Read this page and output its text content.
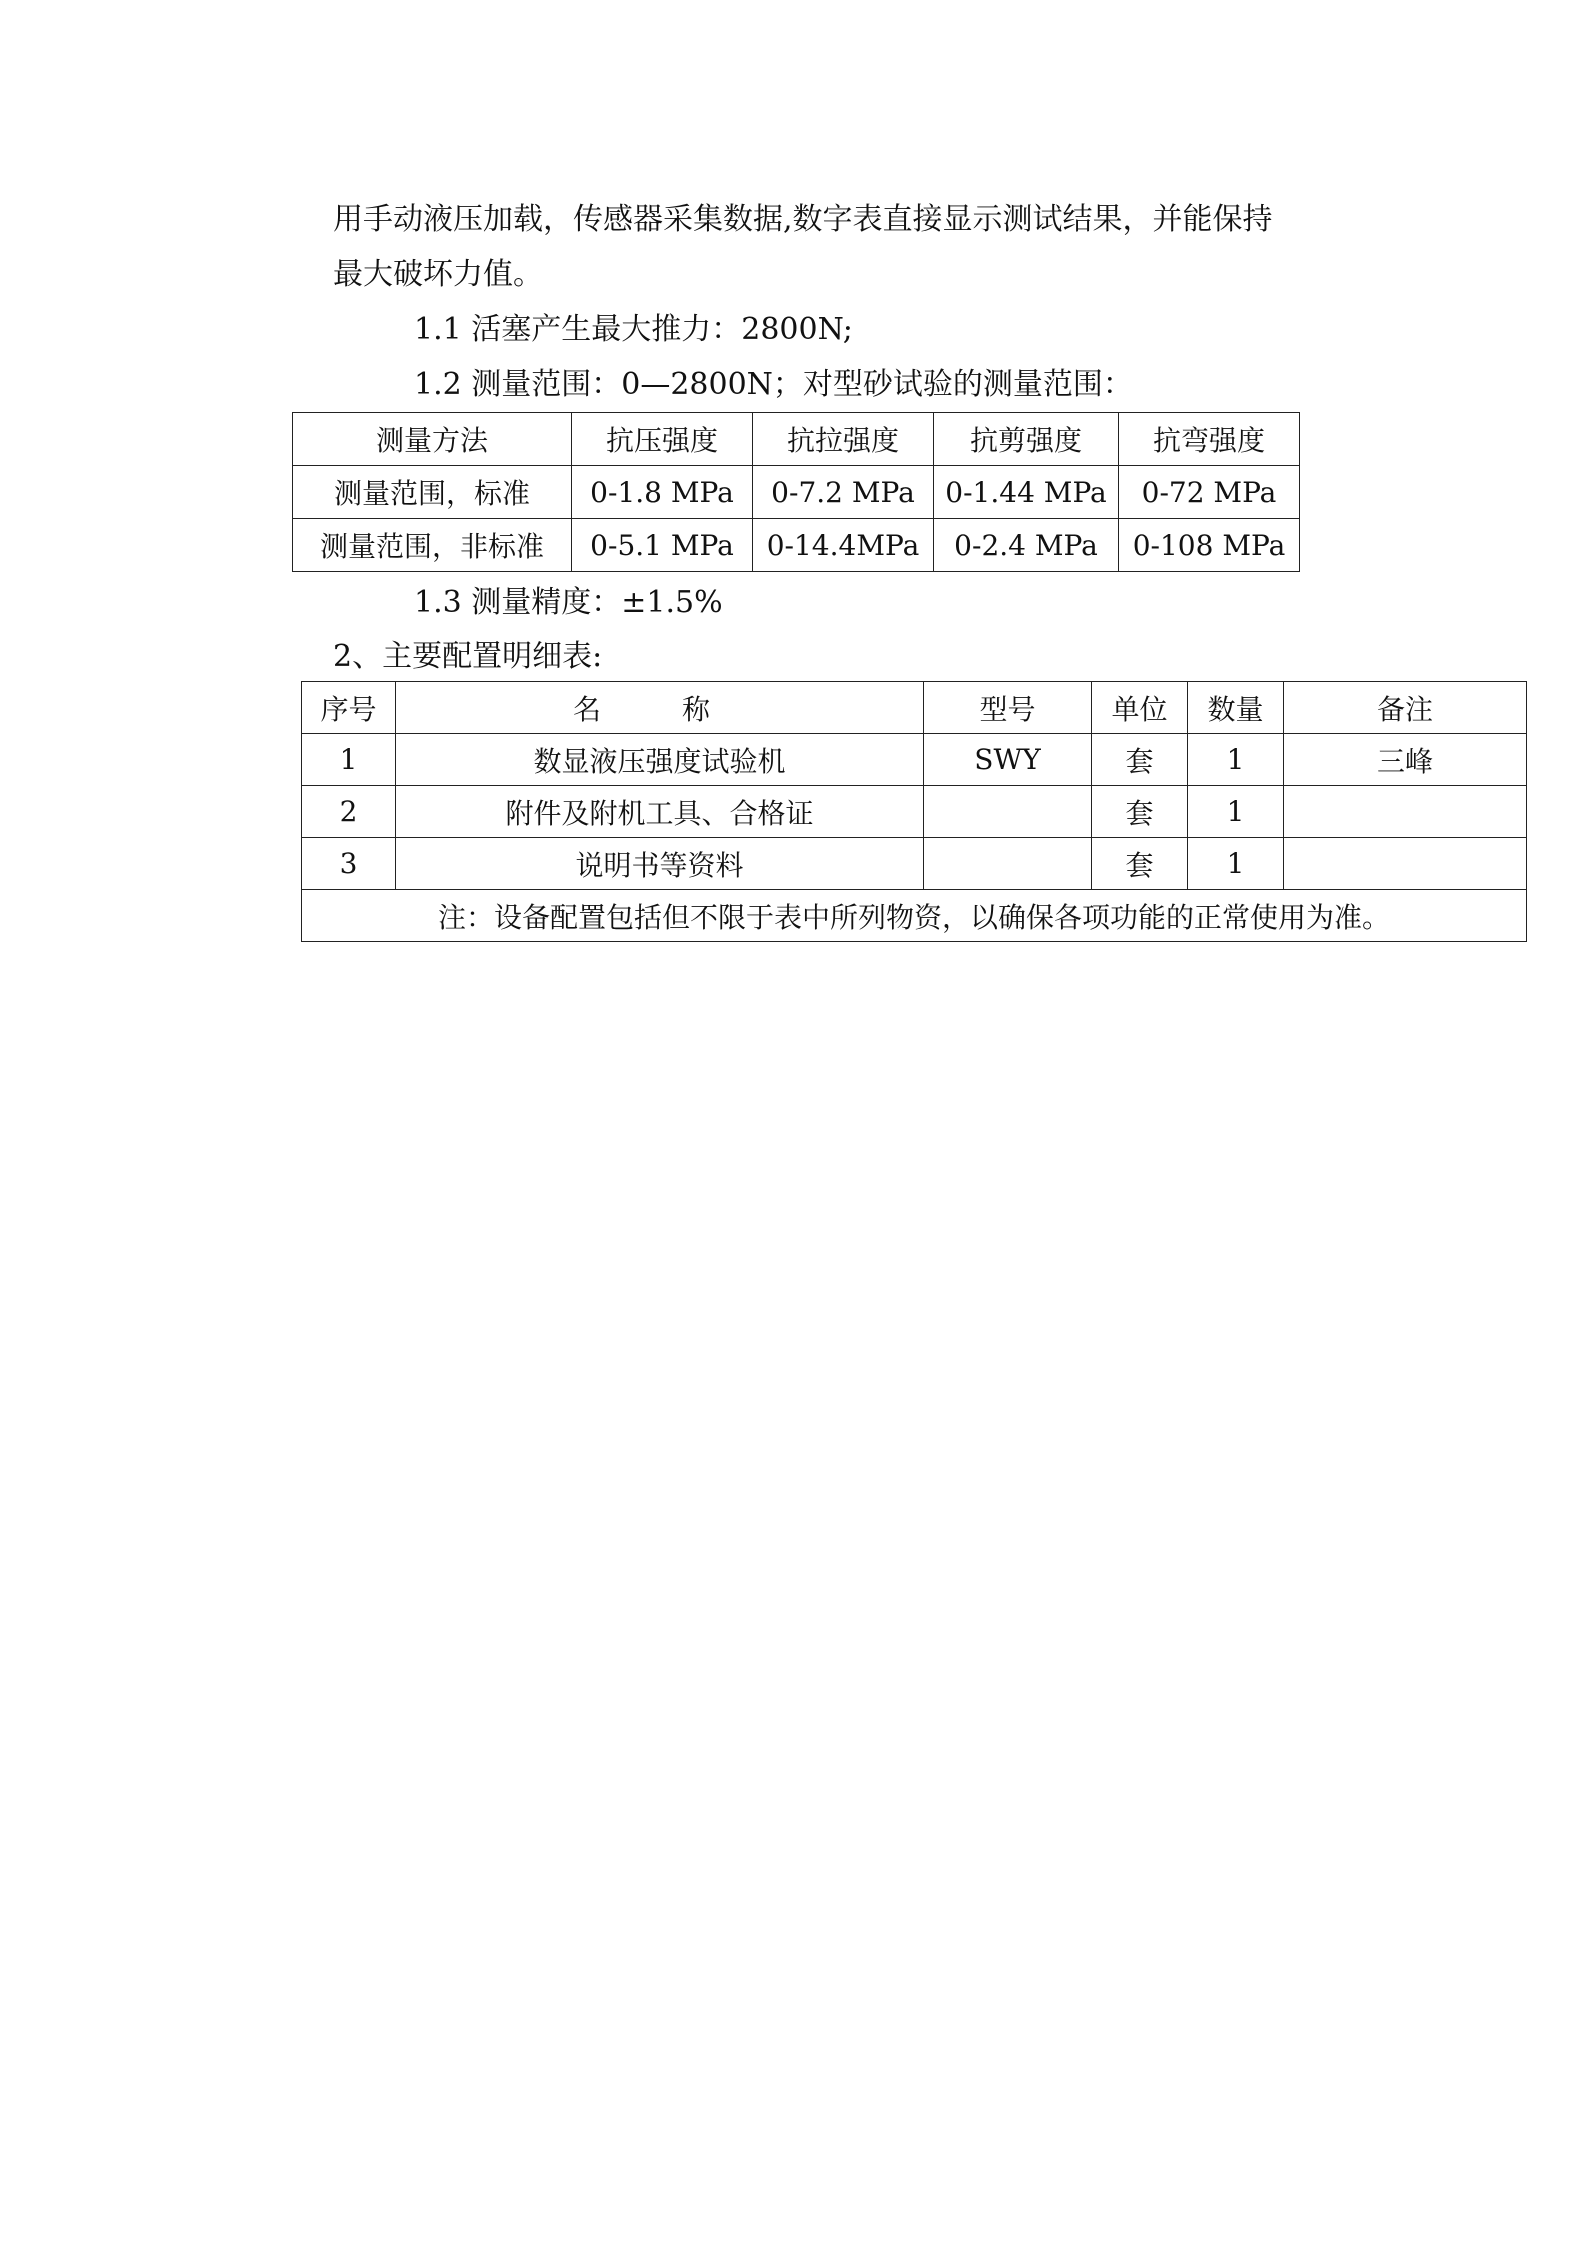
用手动液压加载，传感器采集数据,数字表直接显示测试结果，并能保持
最大破坏力值。
1.1 活塞产生最大推力：2800N;
1.2 测量范围：0—2800N；对型砂试验的测量范围：
测量方法	抗压强度	抗拉强度	抗剪强度	抗弯强度
测量范围，标准	0-1.8 MPa	0-7.2 MPa	0-1.44 MPa	0-72 MPa
测量范围，非标准	0-5.1 MPa	0-14.4MPa	0-2.4 MPa	0-108 MPa
1.3 测量精度：±1.5%
2、主要配置明细表:
序号	名 称	型号	单位	数量	备注
1	数显液压强度试验机	SWY	套	1	三峰
2	附件及附机工具、合格证		套	1	
3	说明书等资料		套	1	
注：设备配置包括但不限于表中所列物资，以确保各项功能的正常使用为准。					
